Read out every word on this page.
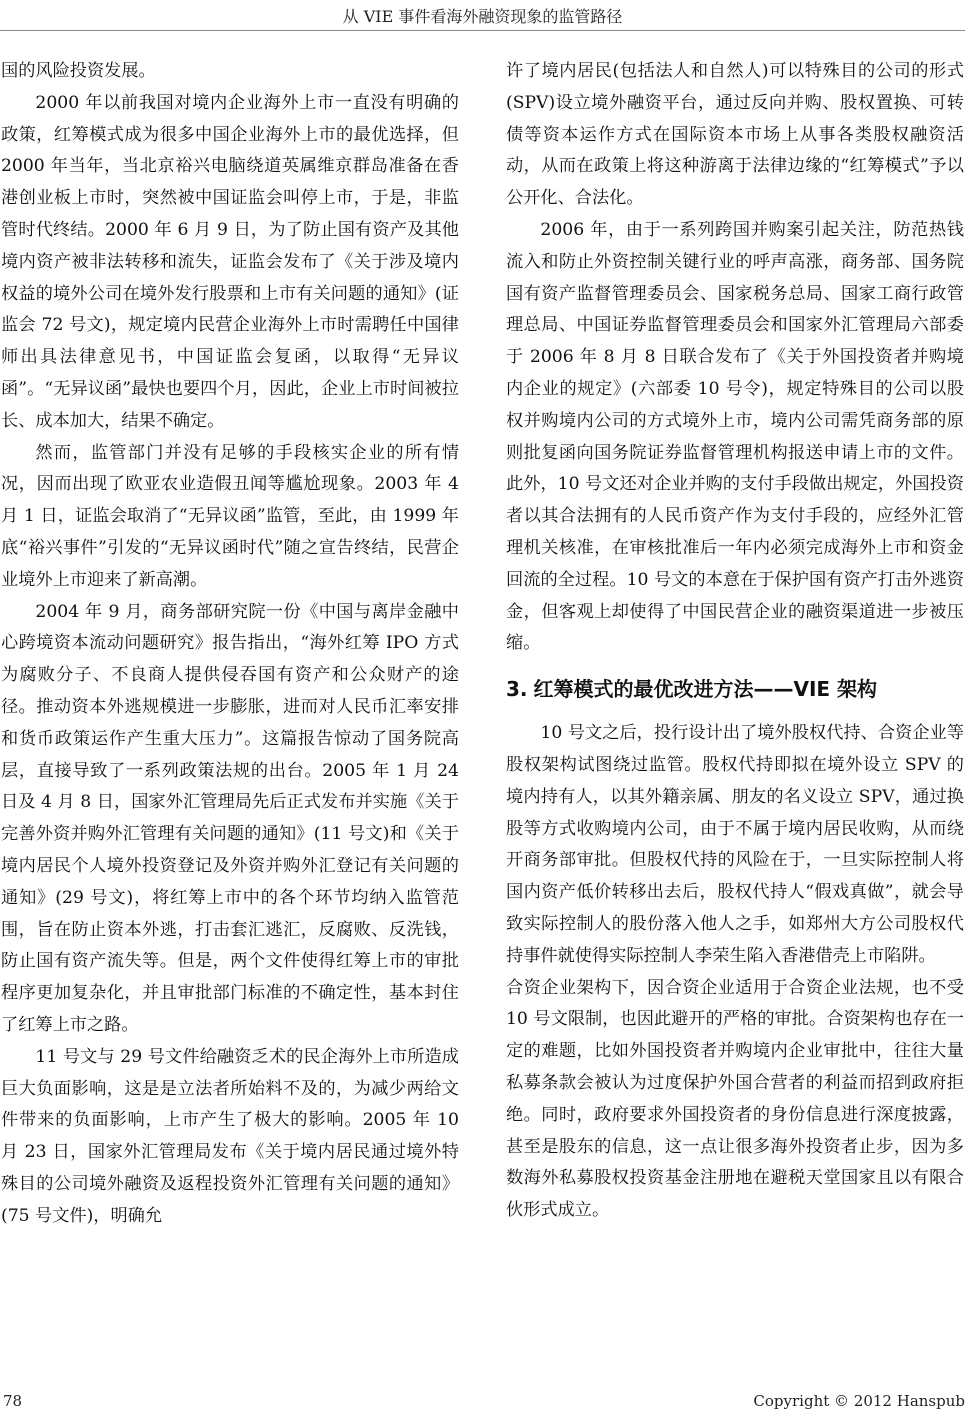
从 VIE 事件看海外融资现象的监管路径

国的风险投资发展。

2000 年以前我国对境内企业海外上市一直没有明确的政策，红筹模式成为很多中国企业海外上市的最优选择，但 2000 年当年，当北京裕兴电脑绕道英属维京群岛准备在香港创业板上市时，突然被中国证监会叫停上市，于是，非监管时代终结。2000 年 6 月 9 日，为了防止国有资产及其他境内资产被非法转移和流失，证监会发布了《关于涉及境内权益的境外公司在境外发行股票和上市有关问题的通知》(证监会 72 号文)，规定境内民营企业海外上市时需聘任中国律师出具法律意见书，中国证监会复函，以取得“无异议函”。“无异议函”最快也要四个月，因此，企业上市时间被拉长、成本加大，结果不确定。

然而，监管部门并没有足够的手段核实企业的所有情况，因而出现了欧亚农业造假丑闻等尴尬现象。2003 年 4 月 1 日，证监会取消了“无异议函”监管，至此，由 1999 年底“裕兴事件”引发的“无异议函时代”随之宣告终结，民营企业境外上市迎来了新高潮。

2004 年 9 月，商务部研究院一份《中国与离岸金融中心跨境资本流动问题研究》报告指出，“海外红筹 IPO 方式为腐败分子、不良商人提供侵吞国有资产和公众财产的途径。推动资本外逃规模进一步膨胀，进而对人民币汇率安排和货币政策运作产生重大压力”。这篇报告惊动了国务院高层，直接导致了一系列政策法规的出台。2005 年 1 月 24 日及 4 月 8 日，国家外汇管理局先后正式发布并实施《关于完善外资并购外汇管理有关问题的通知》(11 号文)和《关于境内居民个人境外投资登记及外资并购外汇登记有关问题的通知》(29 号文)，将红筹上市中的各个环节均纳入监管范围，旨在防止资本外逃，打击套汇逃汇，反腐败、反洗钱，防止国有资产流失等。但是，两个文件使得红筹上市的审批程序更加复杂化，并且审批部门标准的不确定性，基本封住了红筹上市之路。

11 号文与 29 号文件给融资乏术的民企海外上市所造成巨大负面影响，这是是立法者所始料不及的，为减少两给文件带来的负面影响，上市产生了极大的影响。2005 年 10 月 23 日，国家外汇管理局发布《关于境内居民通过境外特殊目的公司境外融资及返程投资外汇管理有关问题的通知》(75 号文件)，明确允

许了境内居民(包括法人和自然人)可以特殊目的公司的形式(SPV)设立境外融资平台，通过反向并购、股权置换、可转债等资本运作方式在国际资本市场上从事各类股权融资活动，从而在政策上将这种游离于法律边缘的“红筹模式”予以公开化、合法化。

2006 年，由于一系列跨国并购案引起关注，防范热钱流入和防止外资控制关键行业的呼声高涨，商务部、国务院国有资产监督管理委员会、国家税务总局、国家工商行政管理总局、中国证券监督管理委员会和国家外汇管理局六部委于 2006 年 8 月 8 日联合发布了《关于外国投资者并购境内企业的规定》(六部委 10 号令)，规定特殊目的公司以股权并购境内公司的方式境外上市，境内公司需凭商务部的原则批复函向国务院证券监督管理机构报送申请上市的文件。此外，10 号文还对企业并购的支付手段做出规定，外国投资者以其合法拥有的人民币资产作为支付手段的，应经外汇管理机关核准，在审核批准后一年内必须完成海外上市和资金回流的全过程。10 号文的本意在于保护国有资产打击外逃资金，但客观上却使得了中国民营企业的融资渠道进一步被压缩。

3. 红筹模式的最优改进方法——VIE 架构

10 号文之后，投行设计出了境外股权代持、合资企业等股权架构试图绕过监管。股权代持即拟在境外设立 SPV 的境内持有人，以其外籍亲属、朋友的名义设立 SPV，通过换股等方式收购境内公司，由于不属于境内居民收购，从而绕开商务部审批。但股权代持的风险在于，一旦实际控制人将国内资产低价转移出去后，股权代持人“假戏真做”，就会导致实际控制人的股份落入他人之手，如郑州大方公司股权代持事件就使得实际控制人李荣生陷入香港借壳上市陷阱。

合资企业架构下，因合资企业适用于合资企业法规，也不受 10 号文限制，也因此避开的严格的审批。合资架构也存在一定的难题，比如外国投资者并购境内企业审批中，往往大量私募条款会被认为过度保护外国合营者的利益而招到政府拒绝。同时，政府要求外国投资者的身份信息进行深度披露，甚至是股东的信息，这一点让很多海外投资者止步，因为多数海外私募股权投资基金注册地在避税天堂国家且以有限合伙形式成立。

78	Copyright © 2012 Hanspub
